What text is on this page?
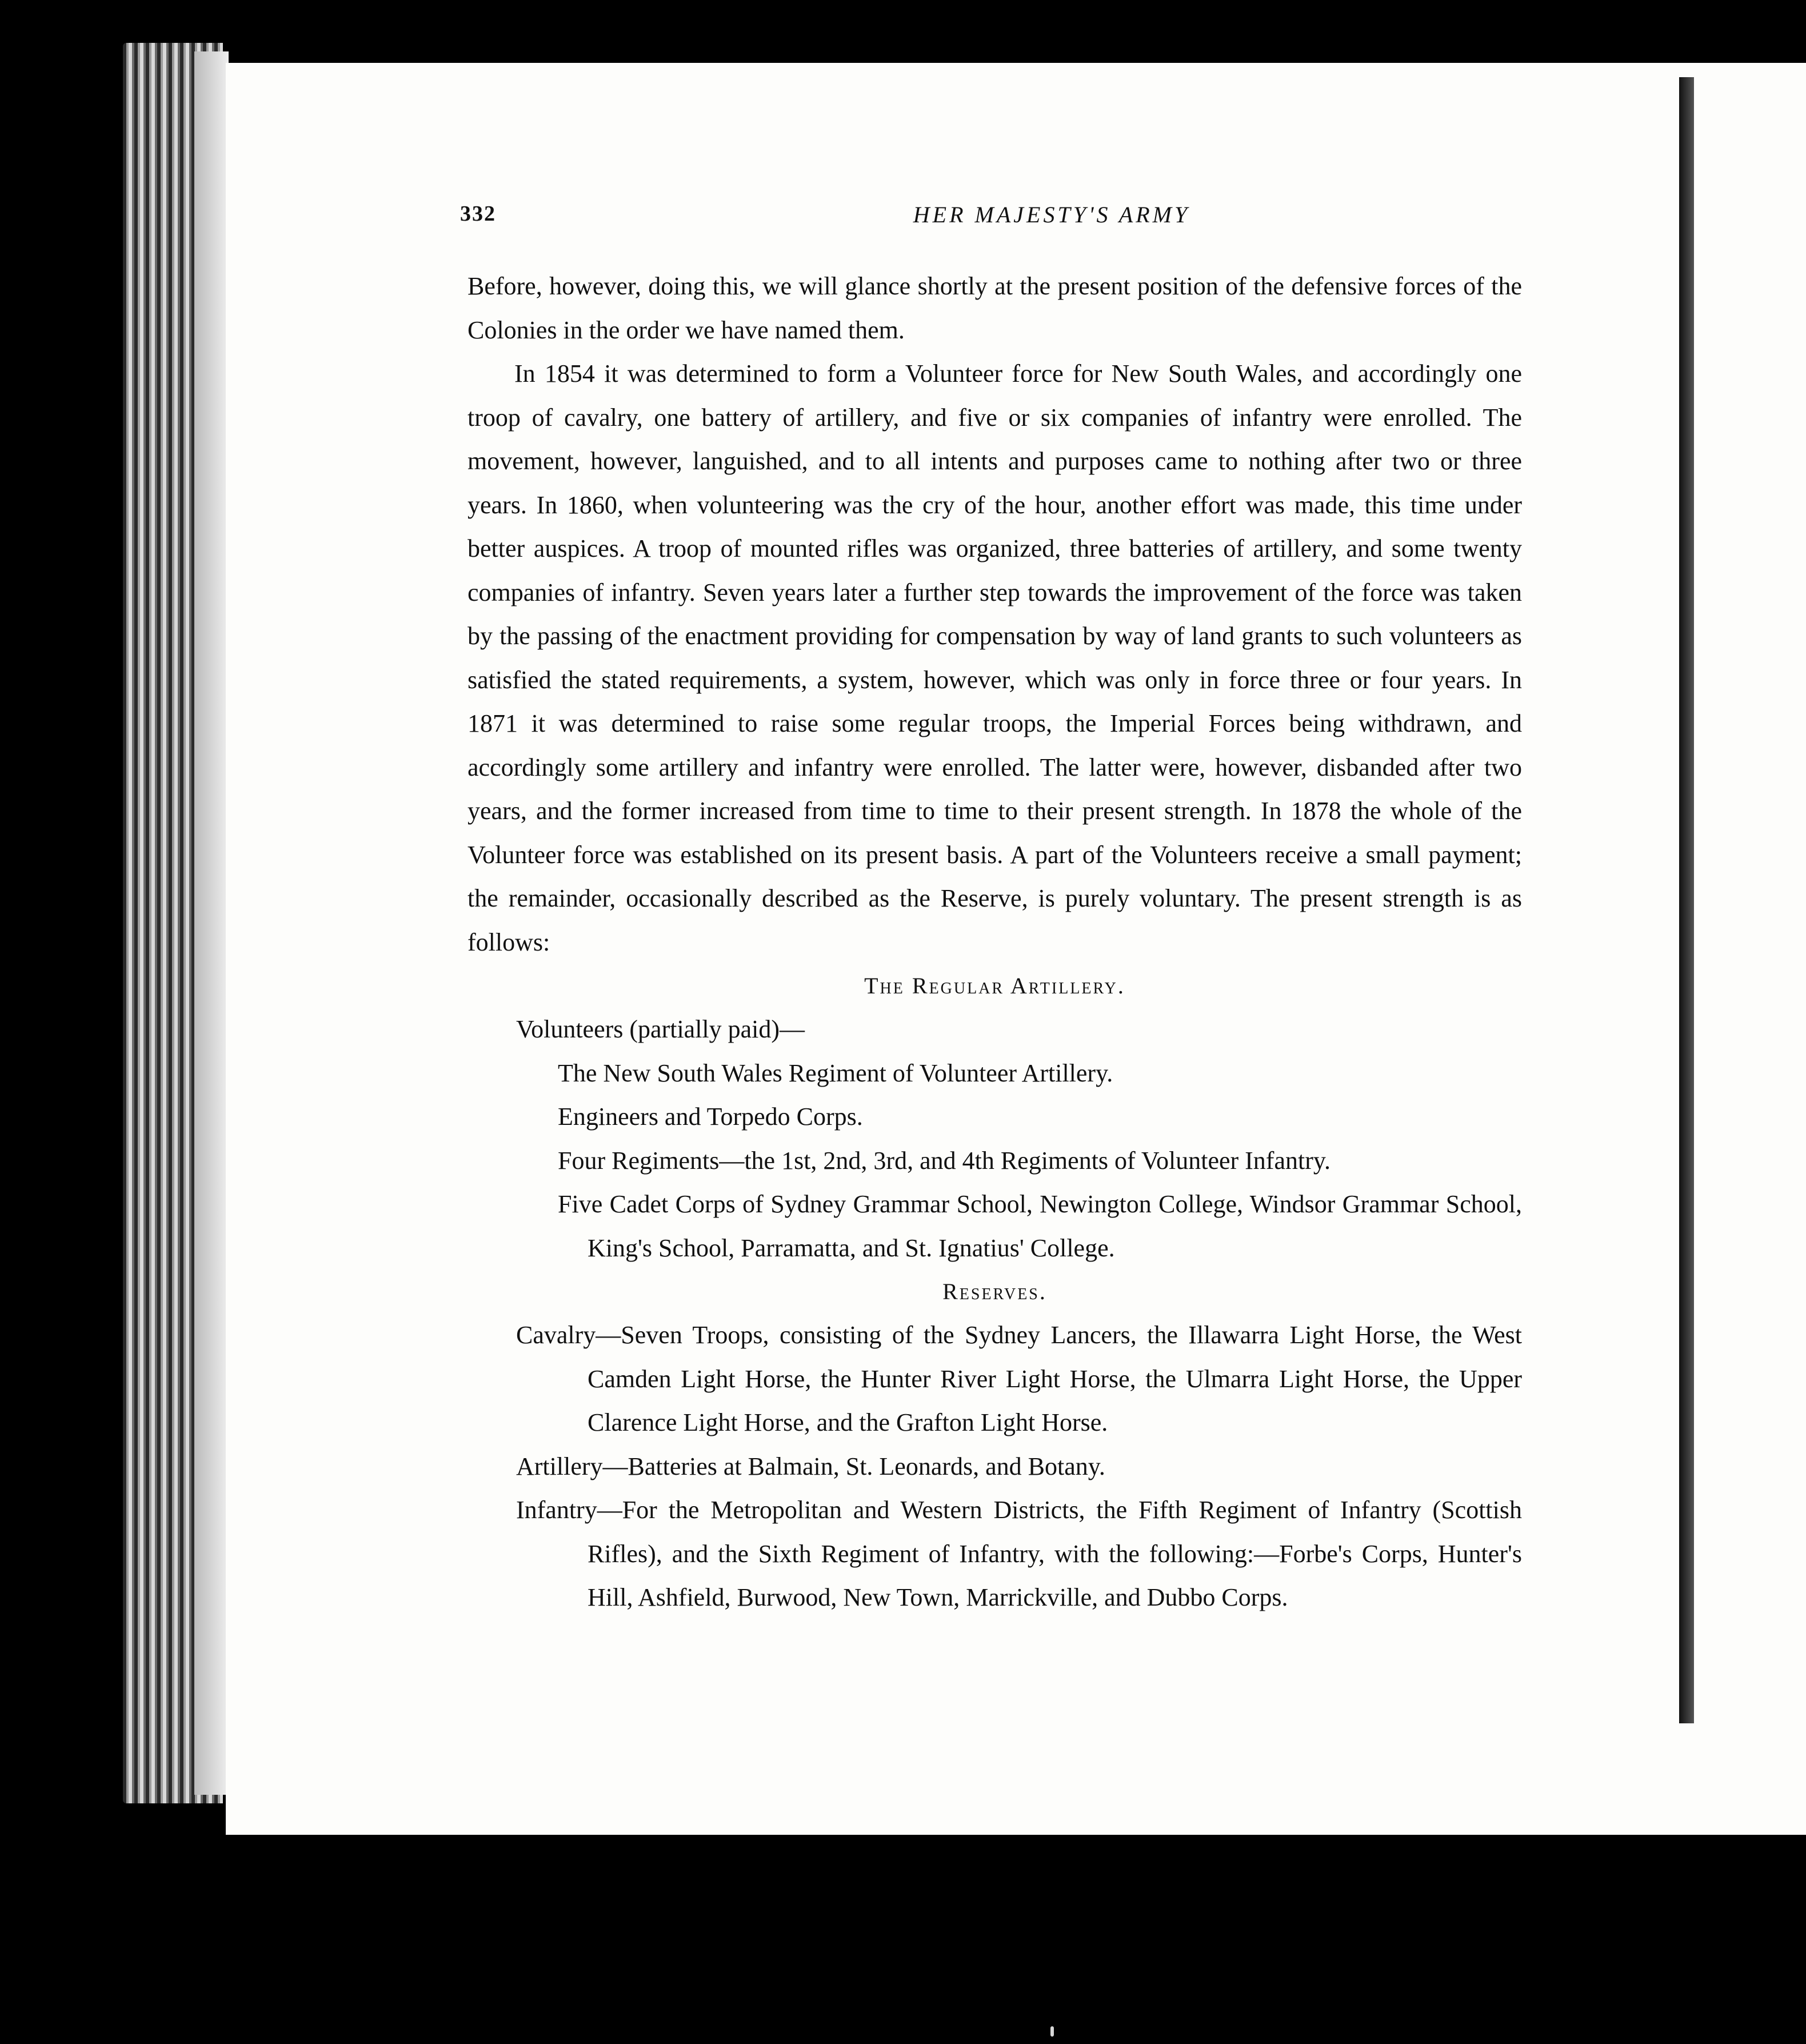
332	HER MAJESTY'S ARMY

Before, however, doing this, we will glance shortly at the present position of the defensive forces of the Colonies in the order we have named them.

In 1854 it was determined to form a Volunteer force for New South Wales, and accordingly one troop of cavalry, one battery of artillery, and five or six companies of infantry were enrolled. The movement, however, languished, and to all intents and purposes came to nothing after two or three years. In 1860, when volunteering was the cry of the hour, another effort was made, this time under better auspices. A troop of mounted rifles was organized, three batteries of artillery, and some twenty companies of infantry. Seven years later a further step towards the improvement of the force was taken by the passing of the enactment providing for compensation by way of land grants to such volunteers as satisfied the stated requirements, a system, however, which was only in force three or four years. In 1871 it was determined to raise some regular troops, the Imperial Forces being withdrawn, and accordingly some artillery and infantry were enrolled. The latter were, however, disbanded after two years, and the former increased from time to time to their present strength. In 1878 the whole of the Volunteer force was established on its present basis. A part of the Volunteers receive a small payment; the remainder, occasionally described as the Reserve, is purely voluntary. The present strength is as follows:

The Regular Artillery.

Volunteers (partially paid)—

The New South Wales Regiment of Volunteer Artillery.

Engineers and Torpedo Corps.

Four Regiments—the 1st, 2nd, 3rd, and 4th Regiments of Volunteer Infantry.

Five Cadet Corps of Sydney Grammar School, Newington College, Windsor Grammar School, King's School, Parramatta, and St. Ignatius' College.

Reserves.

Cavalry—Seven Troops, consisting of the Sydney Lancers, the Illawarra Light Horse, the West Camden Light Horse, the Hunter River Light Horse, the Ulmarra Light Horse, the Upper Clarence Light Horse, and the Grafton Light Horse.

Artillery—Batteries at Balmain, St. Leonards, and Botany.

Infantry—For the Metropolitan and Western Districts, the Fifth Regiment of Infantry (Scottish Rifles), and the Sixth Regiment of Infantry, with the following:—Forbe's Corps, Hunter's Hill, Ashfield, Burwood, New Town, Marrickville, and Dubbo Corps.
